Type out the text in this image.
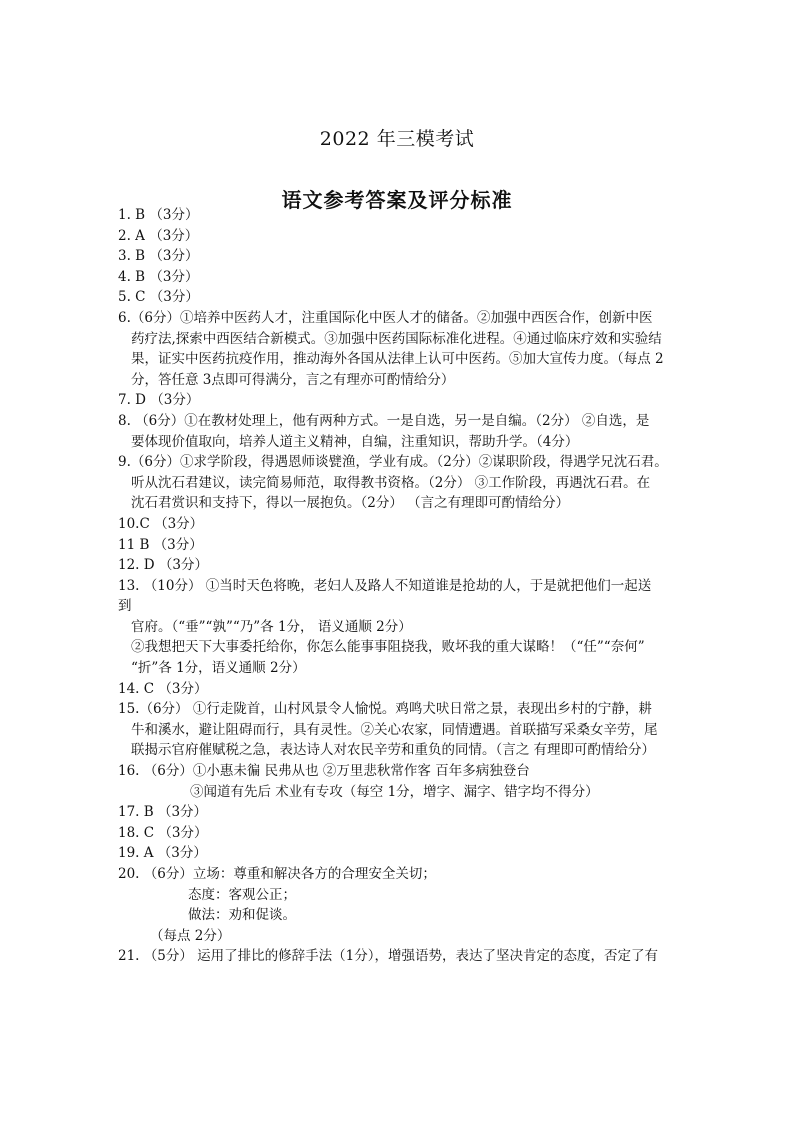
2022 年三模考试
语文参考答案及评分标准
1. B （3分）
2. A （3分）
3. B （3分）
4. B （3分）
5. C （3分）
6.（6分）①培养中医药人才，注重国际化中医人才的储备。②加强中西医合作，创新中医
药疗法,探索中西医结合新模式。③加强中医药国际标准化进程。④通过临床疗效和实验结
果，证实中医药抗疫作用，推动海外各国从法律上认可中医药。⑤加大宣传力度。（每点 2
分，答任意 3点即可得满分，言之有理亦可酌情给分）
7. D （3分）
8. （6分）①在教材处理上，他有两种方式。一是自选，另一是自编。（2分） ②自选，是
要体现价值取向，培养人道主义精神，自编，注重知识，帮助升学。（4分）
9.（6分）①求学阶段，得遇恩师谈甓渔，学业有成。（2分）②谋职阶段，得遇学兄沈石君。
听从沈石君建议，读完简易师范，取得教书资格。（2分） ③工作阶段，再遇沈石君。在
沈石君赏识和支持下，得以一展抱负。（2分） （言之有理即可酌情给分）
10.C （3分）
11 B （3分）
12. D （3分）
13. （10分） ①当时天色将晚，老妇人及路人不知道谁是抢劫的人，于是就把他们一起送
到
官府。（“垂”“孰”“乃”各 1分， 语义通顺 2分）
②我想把天下大事委托给你，你怎么能事事阻挠我，败坏我的重大谋略！（“任”“奈何”
“折”各 1分，语义通顺 2分）
14. C （3分）
15.（6分） ①行走陇首，山村风景令人愉悦。鸡鸣犬吠日常之景，表现出乡村的宁静，耕
牛和溪水，避让阻碍而行，具有灵性。②关心农家，同情遭遇。首联描写采桑女辛劳，尾
联揭示官府催赋税之急，表达诗人对农民辛劳和重负的同情。（言之 有理即可酌情给分）
16. （6分）①小惠未徧 民弗从也 ②万里悲秋常作客 百年多病独登台
③闻道有先后 术业有专攻（每空 1分，增字、漏字、错字均不得分）
17. B （3分）
18. C （3分）
19. A （3分）
20. （6分）立场：尊重和解决各方的合理安全关切；
态度：客观公正；
做法：劝和促谈。
（每点 2分）
21. （5分） 运用了排比的修辞手法（1分），增强语势，表达了坚决肯定的态度，否定了有
